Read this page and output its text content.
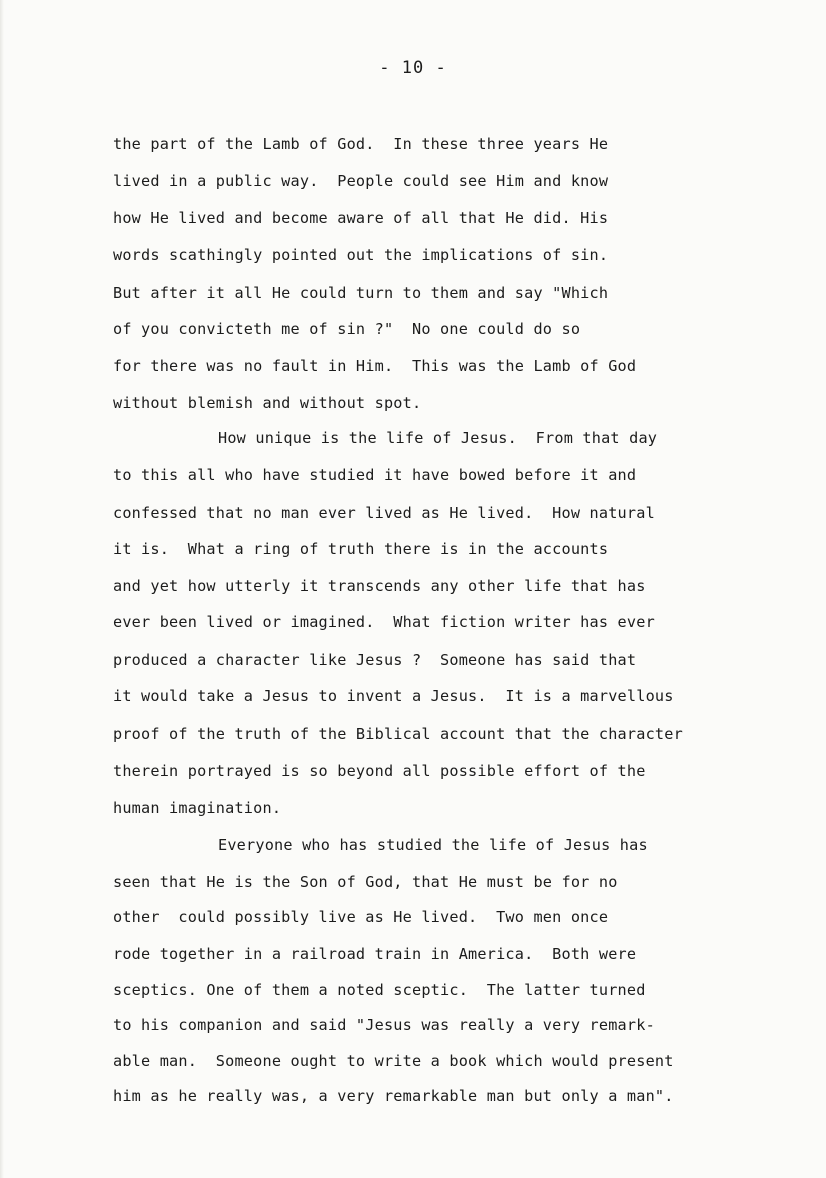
- 10 -
the part of the Lamb of God.  In these three years He
lived in a public way.  People could see Him and know
how He lived and become aware of all that He did. His
words scathingly pointed out the implications of sin.
But after it all He could turn to them and say "Which
of you convicteth me of sin ?"  No one could do so
for there was no fault in Him.  This was the Lamb of God
without blemish and without spot.
How unique is the life of Jesus.  From that day
to this all who have studied it have bowed before it and
confessed that no man ever lived as He lived.  How natural
it is.  What a ring of truth there is in the accounts
and yet how utterly it transcends any other life that has
ever been lived or imagined.  What fiction writer has ever
produced a character like Jesus ?  Someone has said that
it would take a Jesus to invent a Jesus.  It is a marvellous
proof of the truth of the Biblical account that the character
therein portrayed is so beyond all possible effort of the
human imagination.
Everyone who has studied the life of Jesus has
seen that He is the Son of God, that He must be for no
other  could possibly live as He lived.  Two men once
rode together in a railroad train in America.  Both were
sceptics. One of them a noted sceptic.  The latter turned
to his companion and said "Jesus was really a very remark-
able man.  Someone ought to write a book which would present
him as he really was, a very remarkable man but only a man".
